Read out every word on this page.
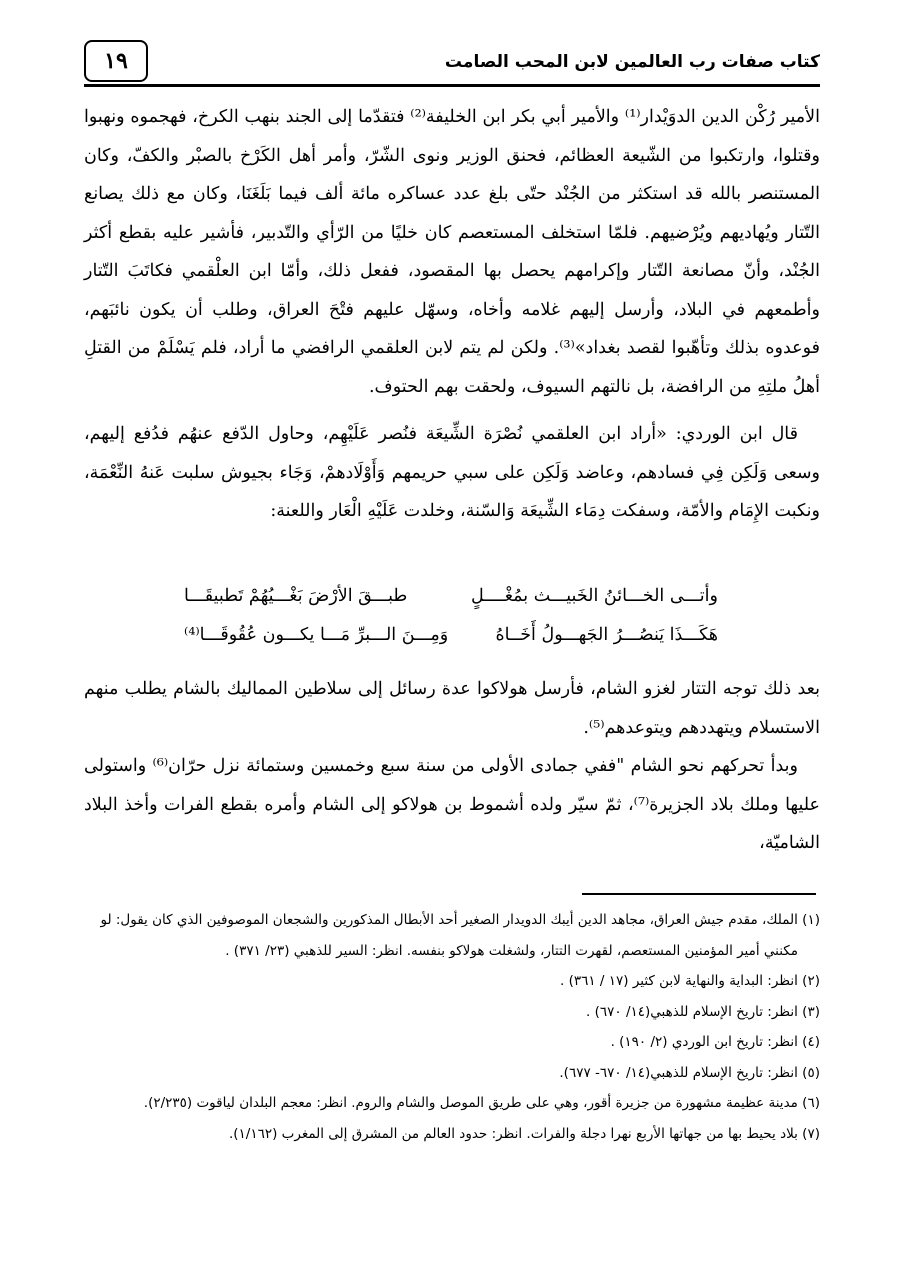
كتاب صفات رب العالمين لابن المحب الصامت
١٩

الأمير رُكْن الدين الدوَيْدار⁽¹⁾ والأمير أبي بكر ابن الخليفة⁽²⁾ فتقدّما إلى الجند بنهب الكرخ، فهجموه ونهبوا وقتلوا، وارتكبوا من الشّيعة العظائم، فحنق الوزير ونوى الشّرّ، وأمر أهل الكَرْخ بالصبْر والكفّ، وكان المستنصر بالله قد استكثر من الجُنْد حتّى بلغ عدد عساكره مائة ألف فيما بَلَغَنَا، وكان مع ذلك يصانع التّتار ويُهاديهم ويُرْضيهم. فلمّا استخلف المستعصم كان خليًا من الرّأي والتّدبير، فأشير عليه بقطع أكثر الجُنْد، وأنّ مصانعة التّتار وإكرامهم يحصل بها المقصود، ففعل ذلك، وأمّا ابن العلْقمي فكاتَبَ التّتار وأطمعهم في البلاد، وأرسل إليهم غلامه وأخاه، وسهّل عليهم فتْحَ العراق، وطلب أن يكون نائبَهم، فوعدوه بذلك وتأهّبوا لقصد بغداد»⁽³⁾. ولكن لم يتم لابن العلقمي الرافضي ما أراد، فلم يَسْلَمْ من القتلِ أهلُ ملتِهِ من الرافضة، بل نالتهم السيوف، ولحقت بهم الحتوف.

قال ابن الوردي: «أراد ابن العلقمي نُصْرَة الشِّيعَة فنُصر عَلَيْهِم، وحاول الدّفع عنهُم فدُفع إليهم، وسعى وَلَكِن فِي فسادهم، وعاضد وَلَكِن على سبي حريمهم وَأَوْلَادهمْ، وَجَاء بجيوش سلبت عَنهُ النِّعْمَة، ونكبت الإِمَام والأمّة، وسفكت دِمَاء الشِّيعَة وَالسّنة، وخلدت عَلَيْهِ الْعَار واللعنة:

وأتـــى الخـــائنُ الخَبيـــث بمُغْــــلٍ
طبـــقَ الأرْضَ بَغْـــيُهُمْ تَطبيقَـــا
هَكَـــذَا يَنصُـــرُ الجَهـــولُ أَخَــاهُ
وَمِـــنَ الـــبرِّ مَـــا يكـــون عُقُوقَـــا⁽⁴⁾

بعد ذلك توجه التتار لغزو الشام، فأرسل هولاكوا عدة رسائل إلى سلاطين المماليك بالشام يطلب منهم الاستسلام ويتهددهم ويتوعدهم⁽⁵⁾.

وبدأ تحركهم نحو الشام "ففي جمادى الأولى من سنة سبع وخمسين وستمائة نزل حرّان⁽⁶⁾ واستولى عليها وملك بلاد الجزيرة⁽⁷⁾، ثمّ سيّر ولده أشموط بن هولاكو إلى الشام وأمره بقطع الفرات وأخذ البلاد الشاميّة،

(١) الملك، مقدم جيش العراق، مجاهد الدين أيبك الدويدار الصغير أحد الأبطال المذكورين والشجعان الموصوفين الذي كان يقول: لو

مكنني أمير المؤمنين المستعصم، لقهرت التتار، ولشغلت هولاكو بنفسه. انظر: السير للذهبي (٢٣/ ٣٧١) .

(٢) انظر: البداية والنهاية لابن كثير (١٧ / ٣٦١) .

(٣) انظر: تاريخ الإسلام للذهبي(١٤/ ٦٧٠) .

(٤) انظر: تاريخ ابن الوردي (٢/ ١٩٠) .

(٥) انظر: تاريخ الإسلام للذهبي(١٤/ ٦٧٠- ٦٧٧).

(٦) مدينة عظيمة مشهورة من جزيرة أقور، وهي على طريق الموصل والشام والروم. انظر: معجم البلدان لياقوت (٢/٢٣٥).

(٧) بلاد يحيط بها من جهاتها الأربع نهرا دجلة والفرات. انظر: حدود العالم من المشرق إلى المغرب (١/١٦٢).
